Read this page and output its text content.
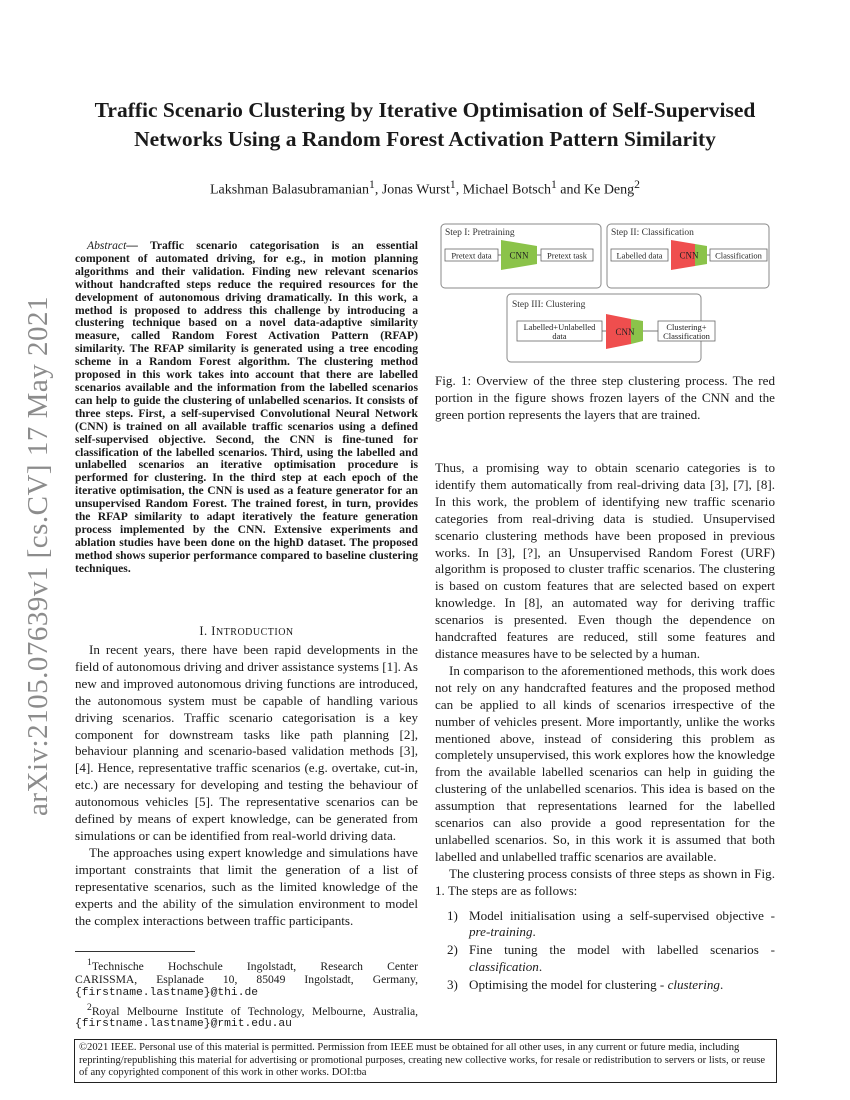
arXiv:2105.07639v1 [cs.CV] 17 May 2021
Traffic Scenario Clustering by Iterative Optimisation of Self-Supervised
Networks Using a Random Forest Activation Pattern Similarity
Lakshman Balasubramanian$^1$, Jonas Wurst$^1$, Michael Botsch$^1$ and Ke Deng$^2$
Abstract— Traffic scenario categorisation is an essential component of automated driving, for e.g., in motion planning algorithms and their validation. Finding new relevant scenarios without handcrafted steps reduce the required resources for the development of autonomous driving dramatically. In this work, a method is proposed to address this challenge by introducing a clustering technique based on a novel data-adaptive similarity measure, called Random Forest Activation Pattern (RFAP) similarity. The RFAP similarity is generated using a tree encoding scheme in a Random Forest algorithm. The clustering method proposed in this work takes into account that there are labelled scenarios available and the information from the labelled scenarios can help to guide the clustering of unlabelled scenarios. It consists of three steps. First, a self-supervised Convolutional Neural Network (CNN) is trained on all available traffic scenarios using a defined self-supervised objective. Second, the CNN is fine-tuned for classification of the labelled scenarios. Third, using the labelled and unlabelled scenarios an iterative optimisation procedure is performed for clustering. In the third step at each epoch of the iterative optimisation, the CNN is used as a feature generator for an unsupervised Random Forest. The trained forest, in turn, provides the RFAP similarity to adapt iteratively the feature generation process implemented by the CNN. Extensive experiments and ablation studies have been done on the highD dataset. The proposed method shows superior performance compared to baseline clustering techniques.
I. INTRODUCTION

In recent years, there have been rapid developments in the field of autonomous driving and driver assistance systems [1]. As new and improved autonomous driving functions are introduced, the autonomous system must be capable of handling various driving scenarios. Traffic scenario categorisation is a key component for downstream tasks like path planning [2], behaviour planning and scenario-based validation methods [3], [4]. Hence, representative traffic scenarios (e.g. overtake, cut-in, etc.) are necessary for developing and testing the behaviour of autonomous vehicles [5]. The representative scenarios can be defined by means of expert knowledge, can be generated from simulations or can be identified from real-world driving data.

The approaches using expert knowledge and simulations have important constraints that limit the generation of a list of representative scenarios, such as the limited knowledge of the experts and the ability of the simulation environment to model the complex interactions between traffic participants.

$^1$Technische Hochschule Ingolstadt, Research Center
CARISSMA, Esplanade 10, 85049 Ingolstadt, Germany,
{firstname.lastname}@thi.de
$^2$Royal Melbourne Institute of Technology, Melbourne, Australia,
{firstname.lastname}@rmit.edu.au
Step I: Pretraining
Pretext data CNN Pretext task
Step II: Classification
Labelled data CNN Classification
Step III: Clustering
Labelled+Unlabelled
data	CNN	Clustering+
Classification
Fig. 1: Overview of the three step clustering process. The red portion in the figure shows frozen layers of the CNN and the green portion represents the layers that are trained.

Thus, a promising way to obtain scenario categories is to identify them automatically from real-driving data [3], [7], [8]. In this work, the problem of identifying new traffic scenario categories from real-driving data is studied. Unsupervised scenario clustering methods have been proposed in previous works. In [3], [?], an Unsupervised Random Forest (URF) algorithm is proposed to cluster traffic scenarios. The clustering is based on custom features that are selected based on expert knowledge. In [8], an automated way for deriving traffic scenarios is presented. Even though the dependence on handcrafted features are reduced, still some features and distance measures have to be selected by a human.

In comparison to the aforementioned methods, this work does not rely on any handcrafted features and the proposed method can be applied to all kinds of scenarios irrespective of the number of vehicles present. More importantly, unlike the works mentioned above, instead of considering this problem as completely unsupervised, this work explores how the knowledge from the available labelled scenarios can help in guiding the clustering of the unlabelled scenarios. This idea is based on the assumption that representations learned for the labelled scenarios can also provide a good representation for the unlabelled scenarios. So, in this work it is assumed that both labelled and unlabelled traffic scenarios are available.

The clustering process consists of three steps as shown in Fig. 1. The steps are as follows:

1) Model initialisation using a self-supervised objective - pre-training.
2) Fine tuning the model with labelled scenarios - classification.
3) Optimising the model for clustering - clustering.
©2021 IEEE. Personal use of this material is permitted. Permission from IEEE must be obtained for all other uses, in any current or future media, including reprinting/republishing this material for advertising or promotional purposes, creating new collective works, for resale or redistribution to servers or lists, or reuse of any copyrighted component of this work in other works. DOI:tba
